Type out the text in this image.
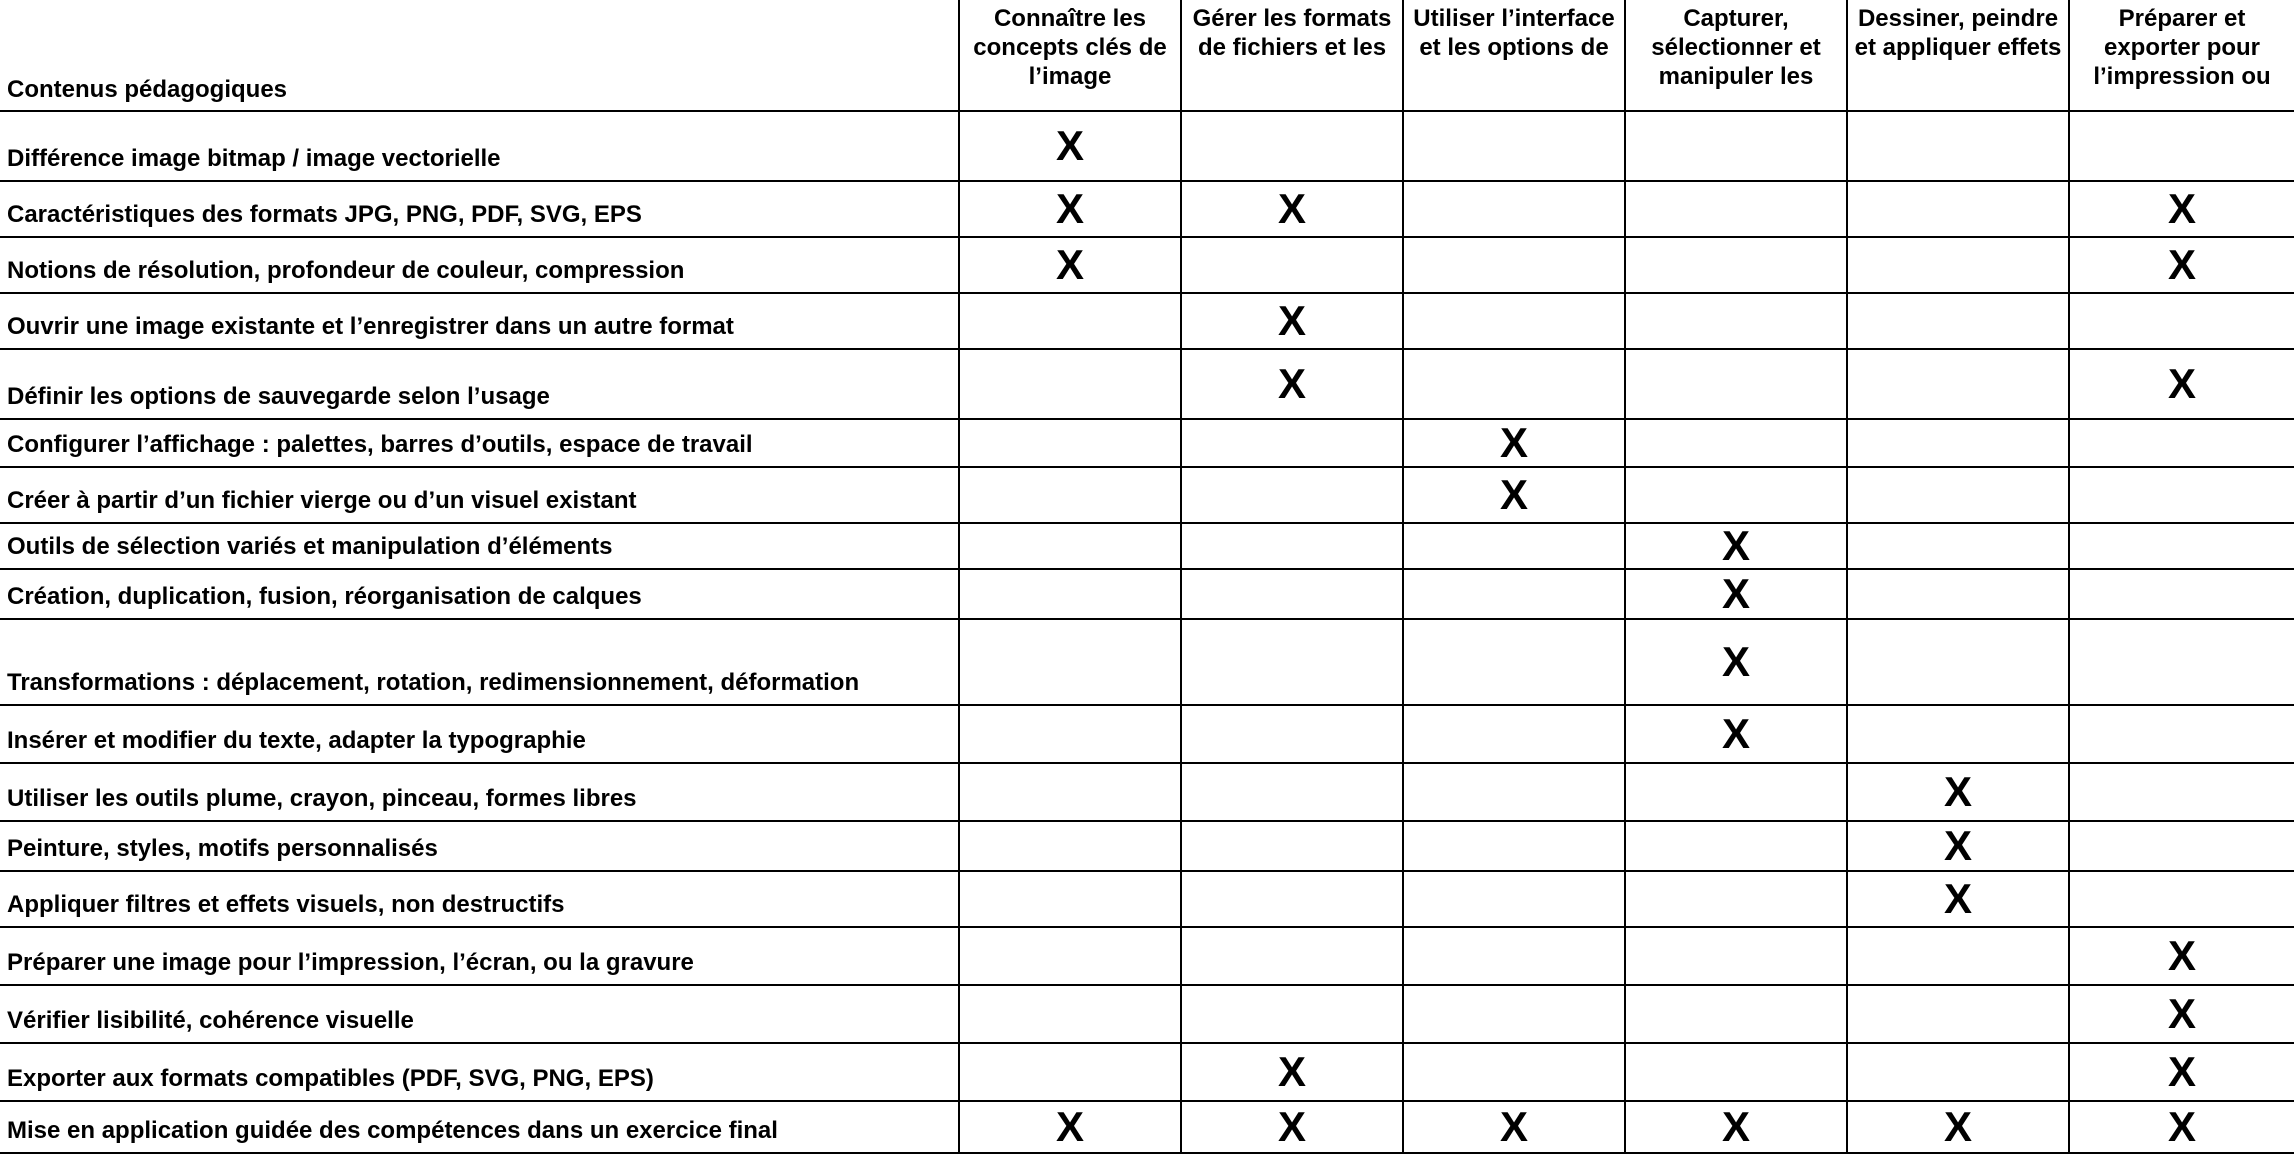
Contenus pédagogiques	Connaître les concepts clés de l’image	Gérer les formats de fichiers et les	Utiliser l’interface et les options de	Capturer, sélectionner et manipuler les	Dessiner, peindre et appliquer effets	Préparer et exporter pour l’impression ou

Différence image bitmap / image vectorielle	X					
Caractéristiques des formats JPG, PNG, PDF, SVG, EPS	X	X				X
Notions de résolution, profondeur de couleur, compression	X					X
Ouvrir une image existante et l’enregistrer dans un autre format		X				
Définir les options de sauvegarde selon l’usage		X				X
Configurer l’affichage : palettes, barres d’outils, espace de travail			X			
Créer à partir d’un fichier vierge ou d’un visuel existant			X			
Outils de sélection variés et manipulation d’éléments				X		
Création, duplication, fusion, réorganisation de calques				X		
Transformations : déplacement, rotation, redimensionnement, déformation				X		
Insérer et modifier du texte, adapter la typographie				X		
Utiliser les outils plume, crayon, pinceau, formes libres					X	
Peinture, styles, motifs personnalisés					X	
Appliquer filtres et effets visuels, non destructifs					X	
Préparer une image pour l’impression, l’écran, ou la gravure						X
Vérifier lisibilité, cohérence visuelle						X
Exporter aux formats compatibles (PDF, SVG, PNG, EPS)		X				X
Mise en application guidée des compétences dans un exercice final	X	X	X	X	X	X
